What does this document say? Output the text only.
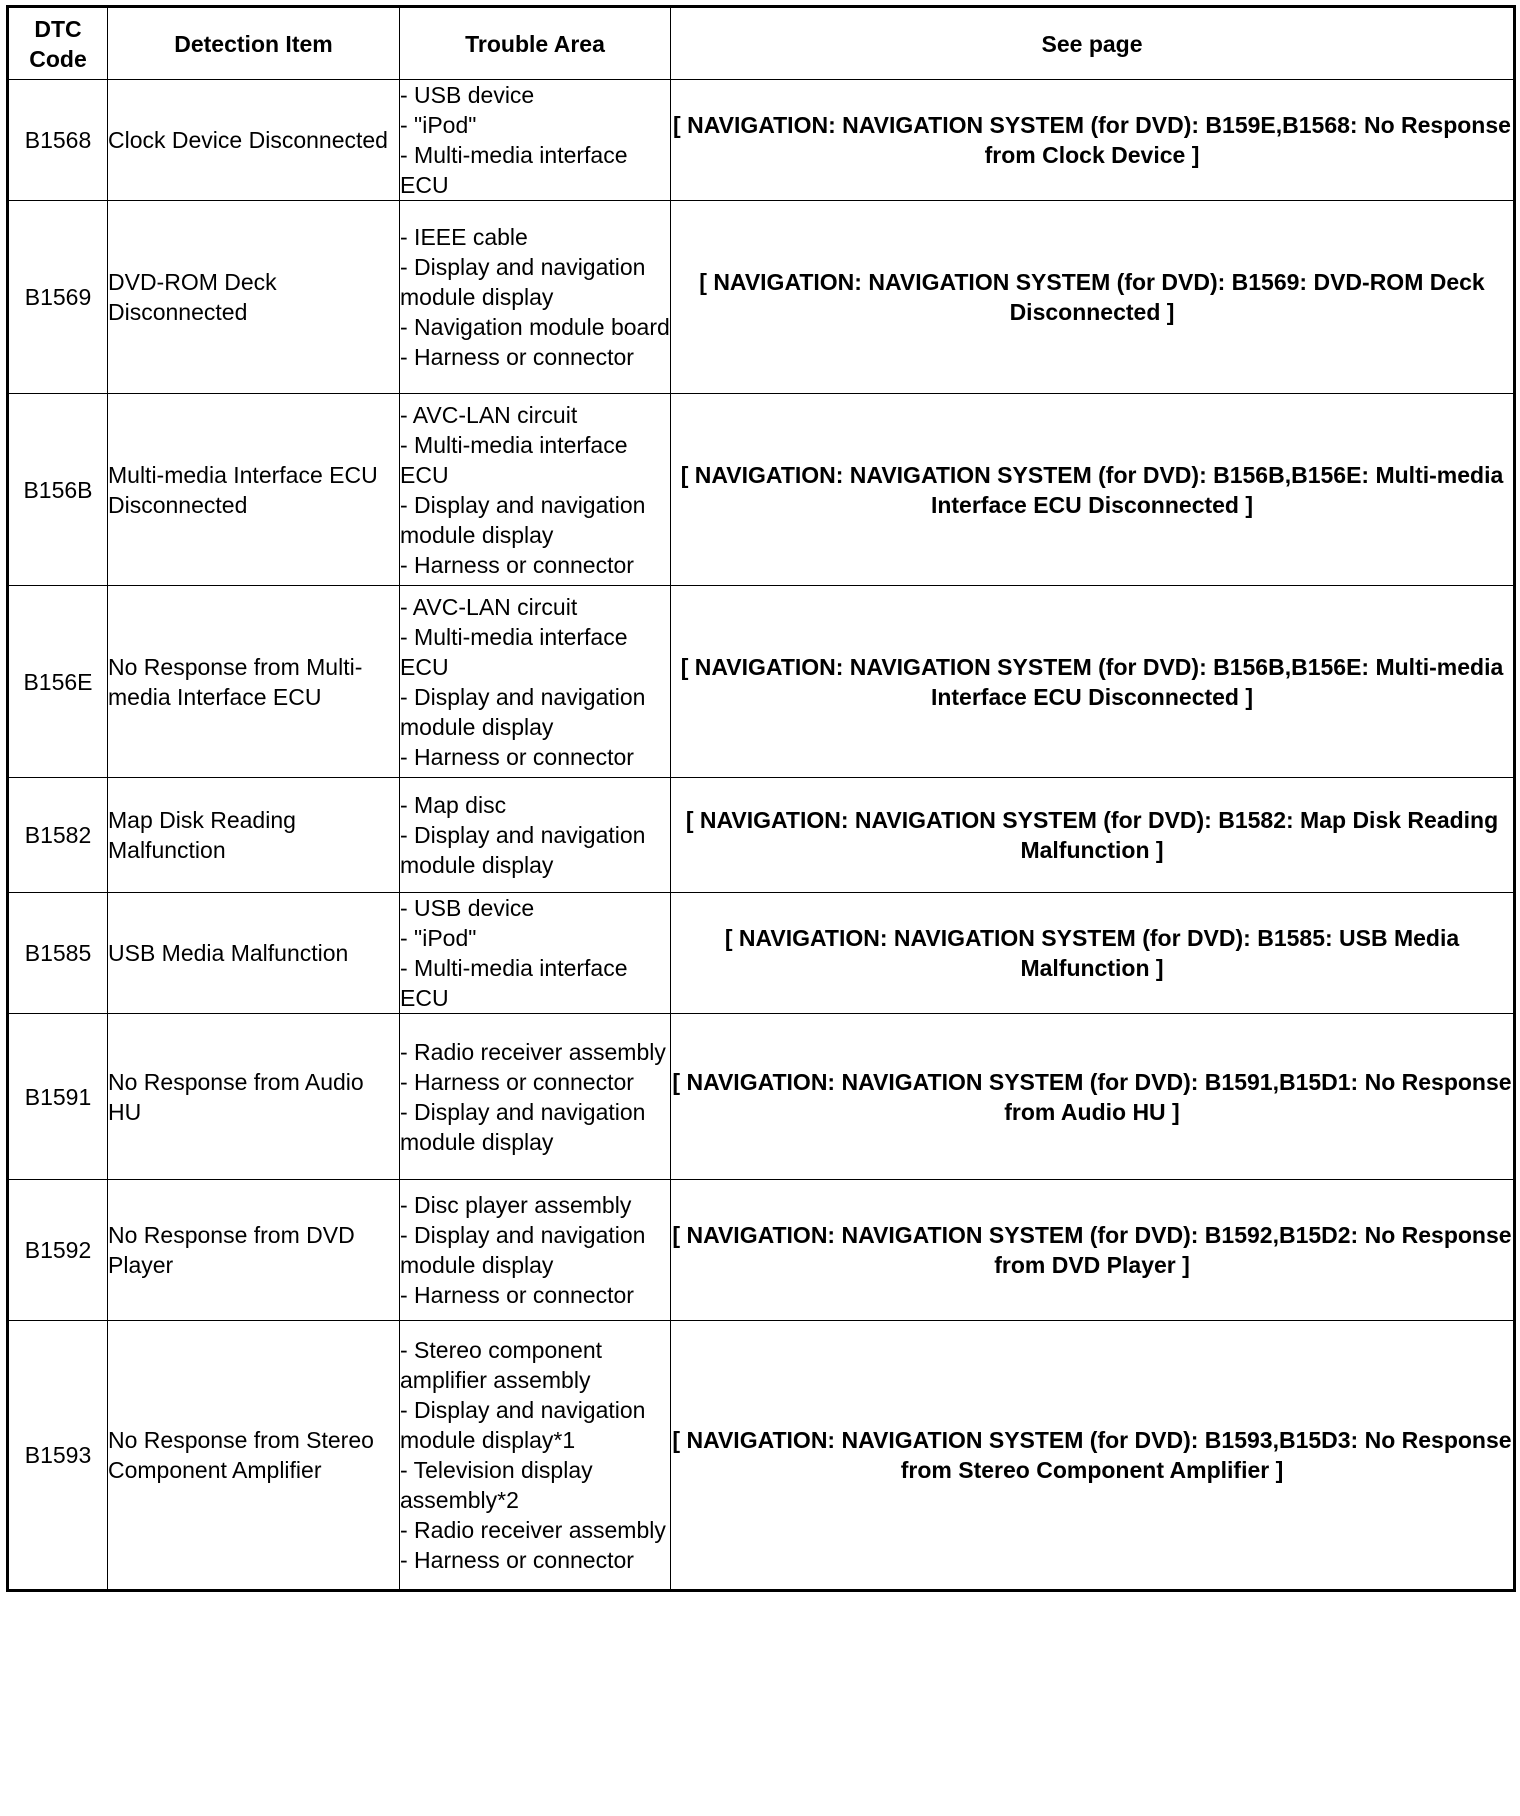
DTC
Code	Detection Item	Trouble Area	See page
B1568	Clock Device Disconnected	- USB device
- "iPod"
- Multi-media interface ECU	[ NAVIGATION: NAVIGATION SYSTEM (for DVD): B159E,B1568: No Response from Clock Device ]
B1569	DVD-ROM Deck Disconnected	- IEEE cable
- Display and navigation module display
- Navigation module board
- Harness or connector	[ NAVIGATION: NAVIGATION SYSTEM (for DVD): B1569: DVD-ROM Deck Disconnected ]
B156B	Multi-media Interface ECU Disconnected	- AVC-LAN circuit
- Multi-media interface ECU
- Display and navigation module display
- Harness or connector	[ NAVIGATION: NAVIGATION SYSTEM (for DVD): B156B,B156E: Multi-media Interface ECU Disconnected ]
B156E	No Response from Multi-media Interface ECU	- AVC-LAN circuit
- Multi-media interface ECU
- Display and navigation module display
- Harness or connector	[ NAVIGATION: NAVIGATION SYSTEM (for DVD): B156B,B156E: Multi-media Interface ECU Disconnected ]
B1582	Map Disk Reading Malfunction	- Map disc
- Display and navigation module display	[ NAVIGATION: NAVIGATION SYSTEM (for DVD): B1582: Map Disk Reading Malfunction ]
B1585	USB Media Malfunction	- USB device
- "iPod"
- Multi-media interface ECU	[ NAVIGATION: NAVIGATION SYSTEM (for DVD): B1585: USB Media Malfunction ]
B1591	No Response from Audio HU	- Radio receiver assembly
- Harness or connector
- Display and navigation module display	[ NAVIGATION: NAVIGATION SYSTEM (for DVD): B1591,B15D1: No Response from Audio HU ]
B1592	No Response from DVD Player	- Disc player assembly
- Display and navigation module display
- Harness or connector	[ NAVIGATION: NAVIGATION SYSTEM (for DVD): B1592,B15D2: No Response from DVD Player ]
B1593	No Response from Stereo Component Amplifier	- Stereo component amplifier assembly
- Display and navigation module display*1
- Television display assembly*2
- Radio receiver assembly
- Harness or connector	[ NAVIGATION: NAVIGATION SYSTEM (for DVD): B1593,B15D3: No Response from Stereo Component Amplifier ]
